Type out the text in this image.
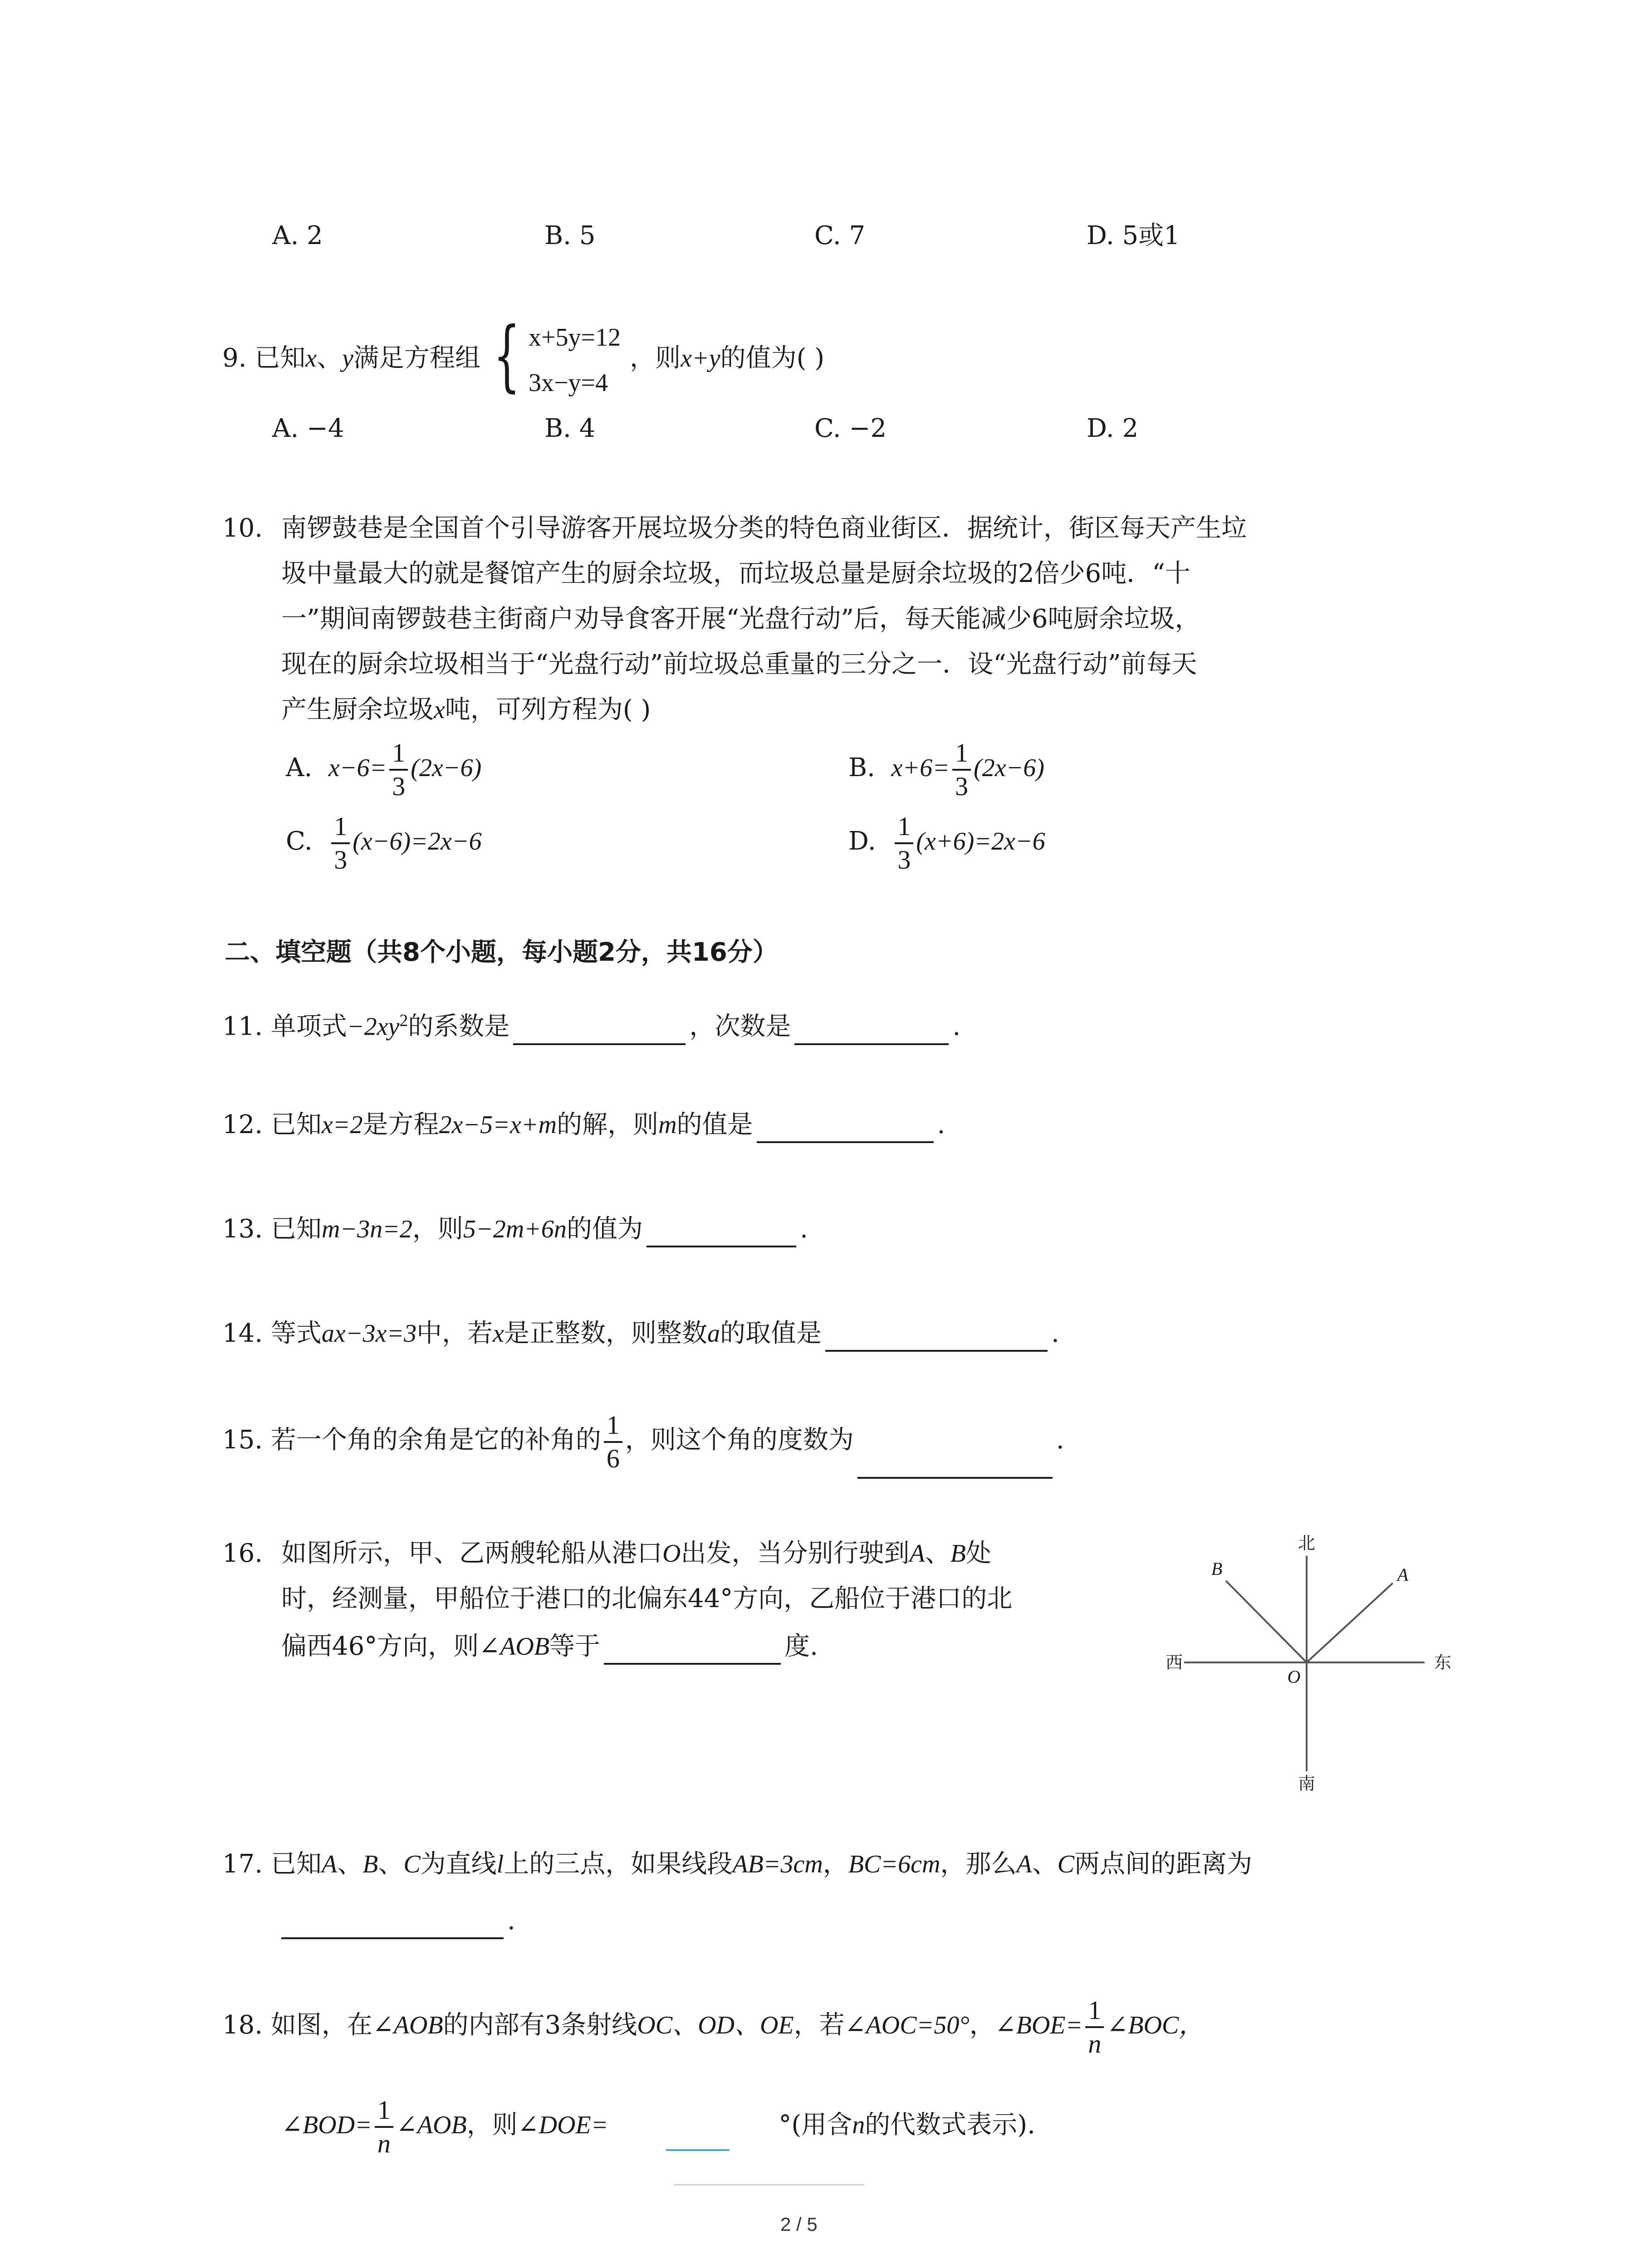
A. 2	B. 5	C. 7	D. 5或1
9. 已知x、y满足方程组 { x+5y=12
3x−y=4
，则x+y的值为( )
A. −4	B. 4	C. −2	D. 2
10. 南锣鼓巷是全国首个引导游客开展垃圾分类的特色商业街区．据统计，街区每天产生垃
圾中量最大的就是餐馆产生的厨余垃圾，而垃圾总量是厨余垃圾的2倍少6吨．“十
一”期间南锣鼓巷主街商户劝导食客开展“光盘行动”后，每天能减少6吨厨余垃圾，
现在的厨余垃圾相当于“光盘行动”前垃圾总重量的三分之一．设“光盘行动”前每天
产生厨余垃圾x吨，可列方程为( )
A. $x-6= \frac{1}{3} (2x-6)$	B. $x+6= \frac{1}{3} (2x-6)$
C. $\frac{1}{3} (x-6)=2x-6$	D. $\frac{1}{3} (x+6)=2x-6$
二、填空题（共8个小题，每小题2分，共16分）
11. 单项式$-2xy^2$的系数是	，次数是	.
12. 已知x=2是方程2x−5=x+m的解，则m的值是	.
13. 已知m−3n=2，则5−2m+6n的值为	.
14. 等式ax−3x=3中，若x是正整数，则整数a的取值是	.
15. 若一个角的余角是它的补角的 $\frac{1}{6}$ ，则这个角的度数为	.
16. 如图所示，甲、乙两艘轮船从港口O出发，当分别行驶到A、B处
时，经测量，甲船位于港口的北偏东44°方向，乙船位于港口的北
偏西46°方向，则∠AOB等于	度.
北
南
东
西
O
A
B
17. 已知A、B、C为直线l上的三点，如果线段AB=3cm，BC=6cm，那么A、C两点间的距离为
.
18. 如图，在∠AOB的内部有3条射线OC、OD、OE，若∠AOC=50°，∠BOE= $\frac{1}{n}$ ∠BOC，
∠BOD= $\frac{1}{n}$ ∠AOB，则∠DOE=	°(用含n的代数式表示).
2 / 5
